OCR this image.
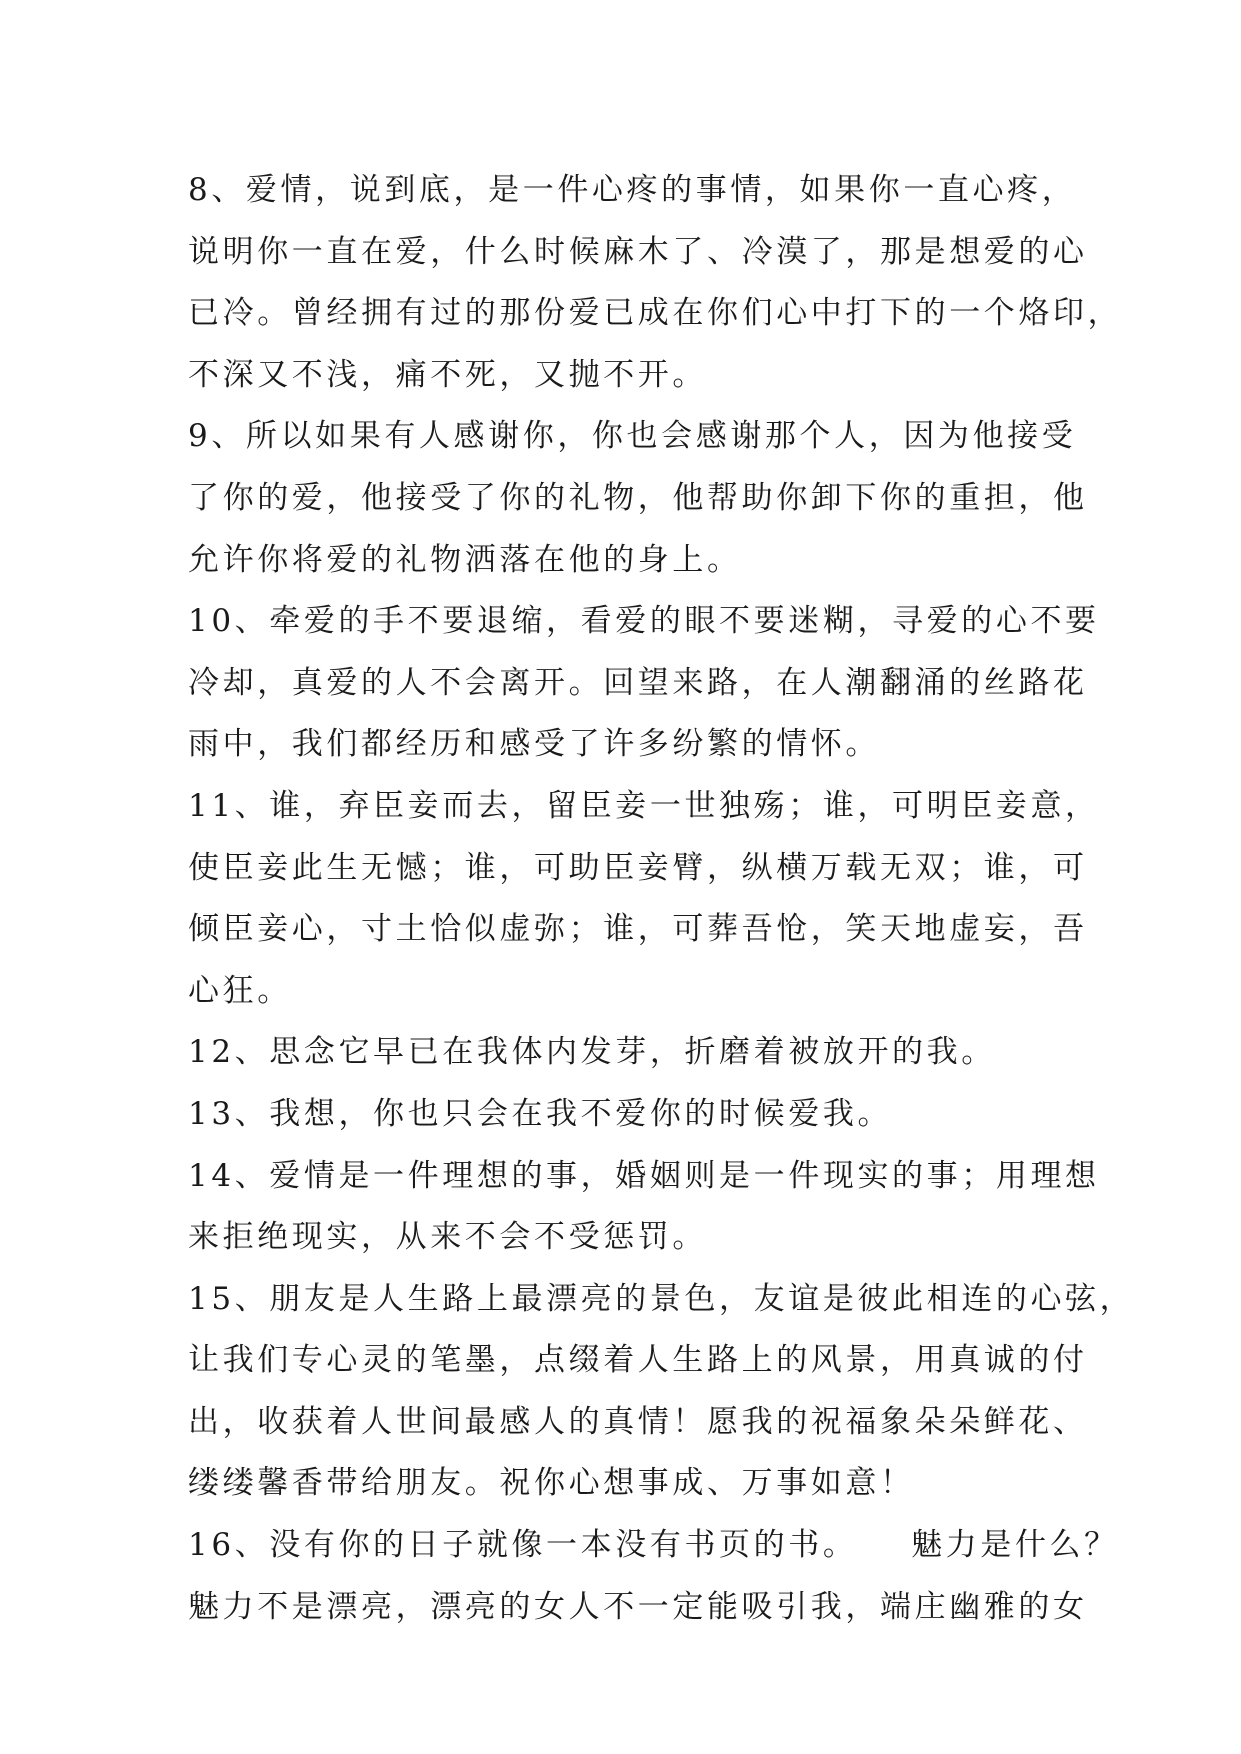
8、爱情，说到底，是一件心疼的事情，如果你一直心疼，
说明你一直在爱，什么时候麻木了、冷漠了，那是想爱的心
已冷。曾经拥有过的那份爱已成在你们心中打下的一个烙印，
不深又不浅，痛不死，又抛不开。
9、所以如果有人感谢你，你也会感谢那个人，因为他接受
了你的爱，他接受了你的礼物，他帮助你卸下你的重担，他
允许你将爱的礼物洒落在他的身上。
10、牵爱的手不要退缩，看爱的眼不要迷糊，寻爱的心不要
冷却，真爱的人不会离开。回望来路，在人潮翻涌的丝路花
雨中，我们都经历和感受了许多纷繁的情怀。
11、谁，弃臣妾而去，留臣妾一世独殇；谁，可明臣妾意，
使臣妾此生无憾；谁，可助臣妾臂，纵横万载无双；谁，可
倾臣妾心，寸土恰似虚弥；谁，可葬吾怆，笑天地虚妄，吾
心狂。
12、思念它早已在我体内发芽，折磨着被放开的我。
13、我想，你也只会在我不爱你的时候爱我。
14、爱情是一件理想的事，婚姻则是一件现实的事；用理想
来拒绝现实，从来不会不受惩罚。
15、朋友是人生路上最漂亮的景色，友谊是彼此相连的心弦，
让我们专心灵的笔墨，点缀着人生路上的风景，用真诚的付
出，收获着人世间最感人的真情！愿我的祝福象朵朵鲜花、
缕缕馨香带给朋友。祝你心想事成、万事如意！
16、没有你的日子就像一本没有书页的书。　　魅力是什么？
魅力不是漂亮，漂亮的女人不一定能吸引我，端庄幽雅的女
